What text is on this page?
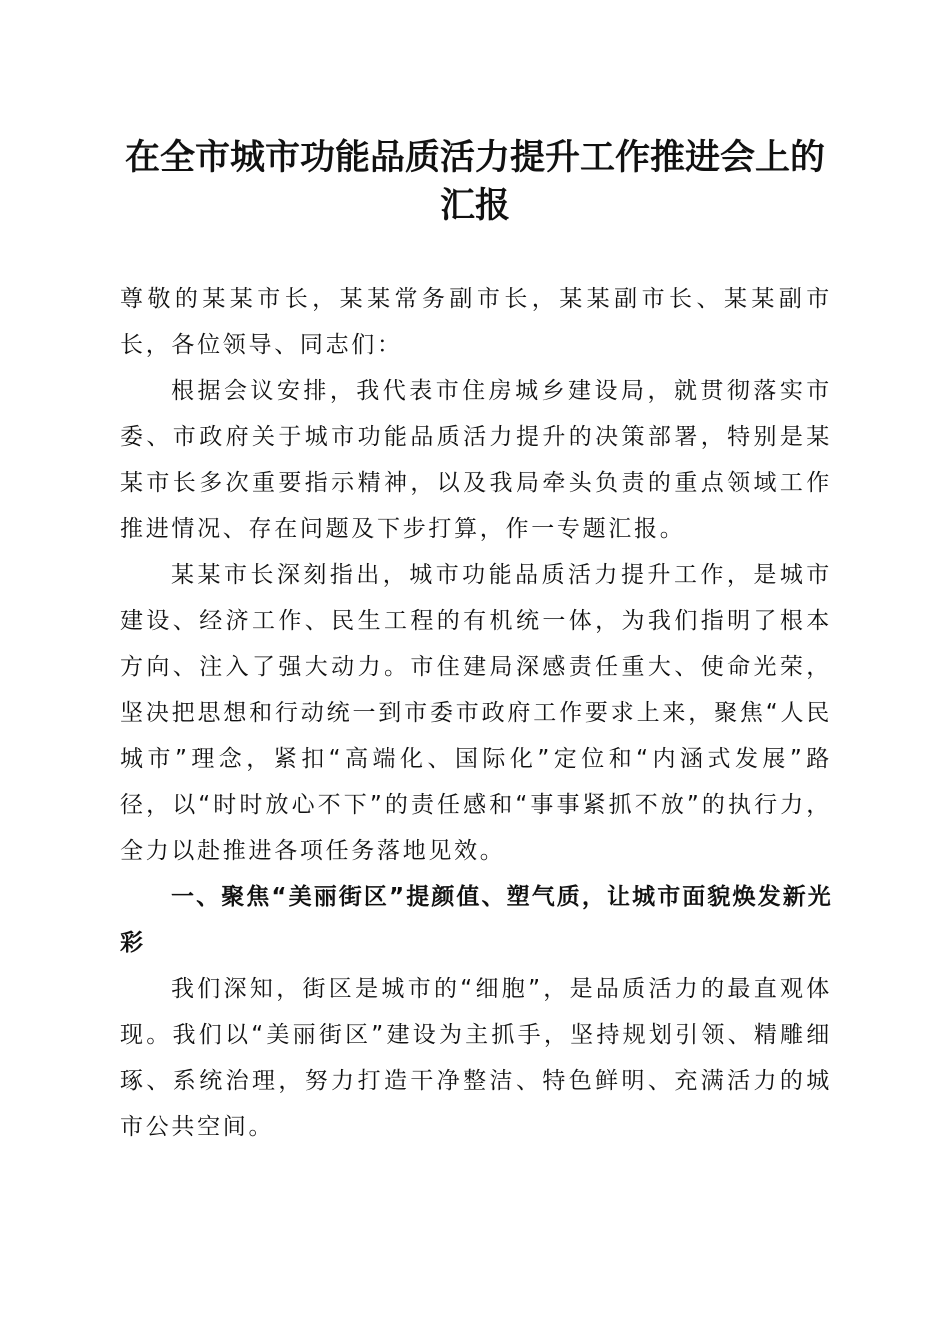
在全市城市功能品质活力提升工作推进会上的
汇报

尊敬的某某市长，某某常务副市长，某某副市长、某某副市长，各位领导、同志们：

根据会议安排，我代表市住房城乡建设局，就贯彻落实市委、市政府关于城市功能品质活力提升的决策部署，特别是某某市长多次重要指示精神，以及我局牵头负责的重点领域工作推进情况、存在问题及下步打算，作一专题汇报。

某某市长深刻指出，城市功能品质活力提升工作，是城市建设、经济工作、民生工程的有机统一体，为我们指明了根本方向、注入了强大动力。市住建局深感责任重大、使命光荣，坚决把思想和行动统一到市委市政府工作要求上来，聚焦“人民城市”理念，紧扣“高端化、国际化”定位和“内涵式发展”路径，以“时时放心不下”的责任感和“事事紧抓不放”的执行力，全力以赴推进各项任务落地见效。

一、聚焦“美丽街区”提颜值、塑气质，让城市面貌焕发新光彩

我们深知，街区是城市的“细胞”，是品质活力的最直观体现。我们以“美丽街区”建设为主抓手，坚持规划引领、精雕细琢、系统治理，努力打造干净整洁、特色鲜明、充满活力的城市公共空间。
